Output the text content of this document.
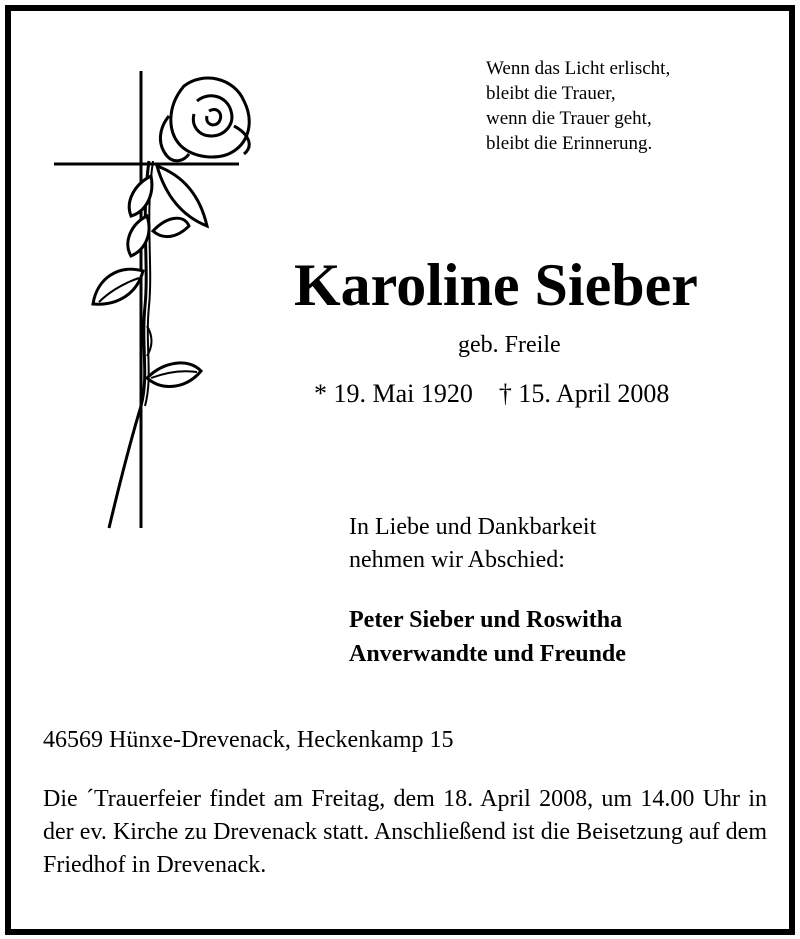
Wenn das Licht erlischt,
bleibt die Trauer,
wenn die Trauer geht,
bleibt die Erinnerung.
Karoline Sieber
geb. Freile
* 19. Mai 1920 † 15. April 2008
In Liebe und Dankbarkeit
nehmen wir Abschied:
Peter Sieber und Roswitha
Anverwandte und Freunde
46569 Hünxe-Drevenack, Heckenkamp 15
Die ´Trauerfeier findet am Freitag, dem 18. April 2008, um 14.00 Uhr in der ev. Kirche zu Drevenack statt. Anschließend ist die Beisetzung auf dem Friedhof in Drevenack.
